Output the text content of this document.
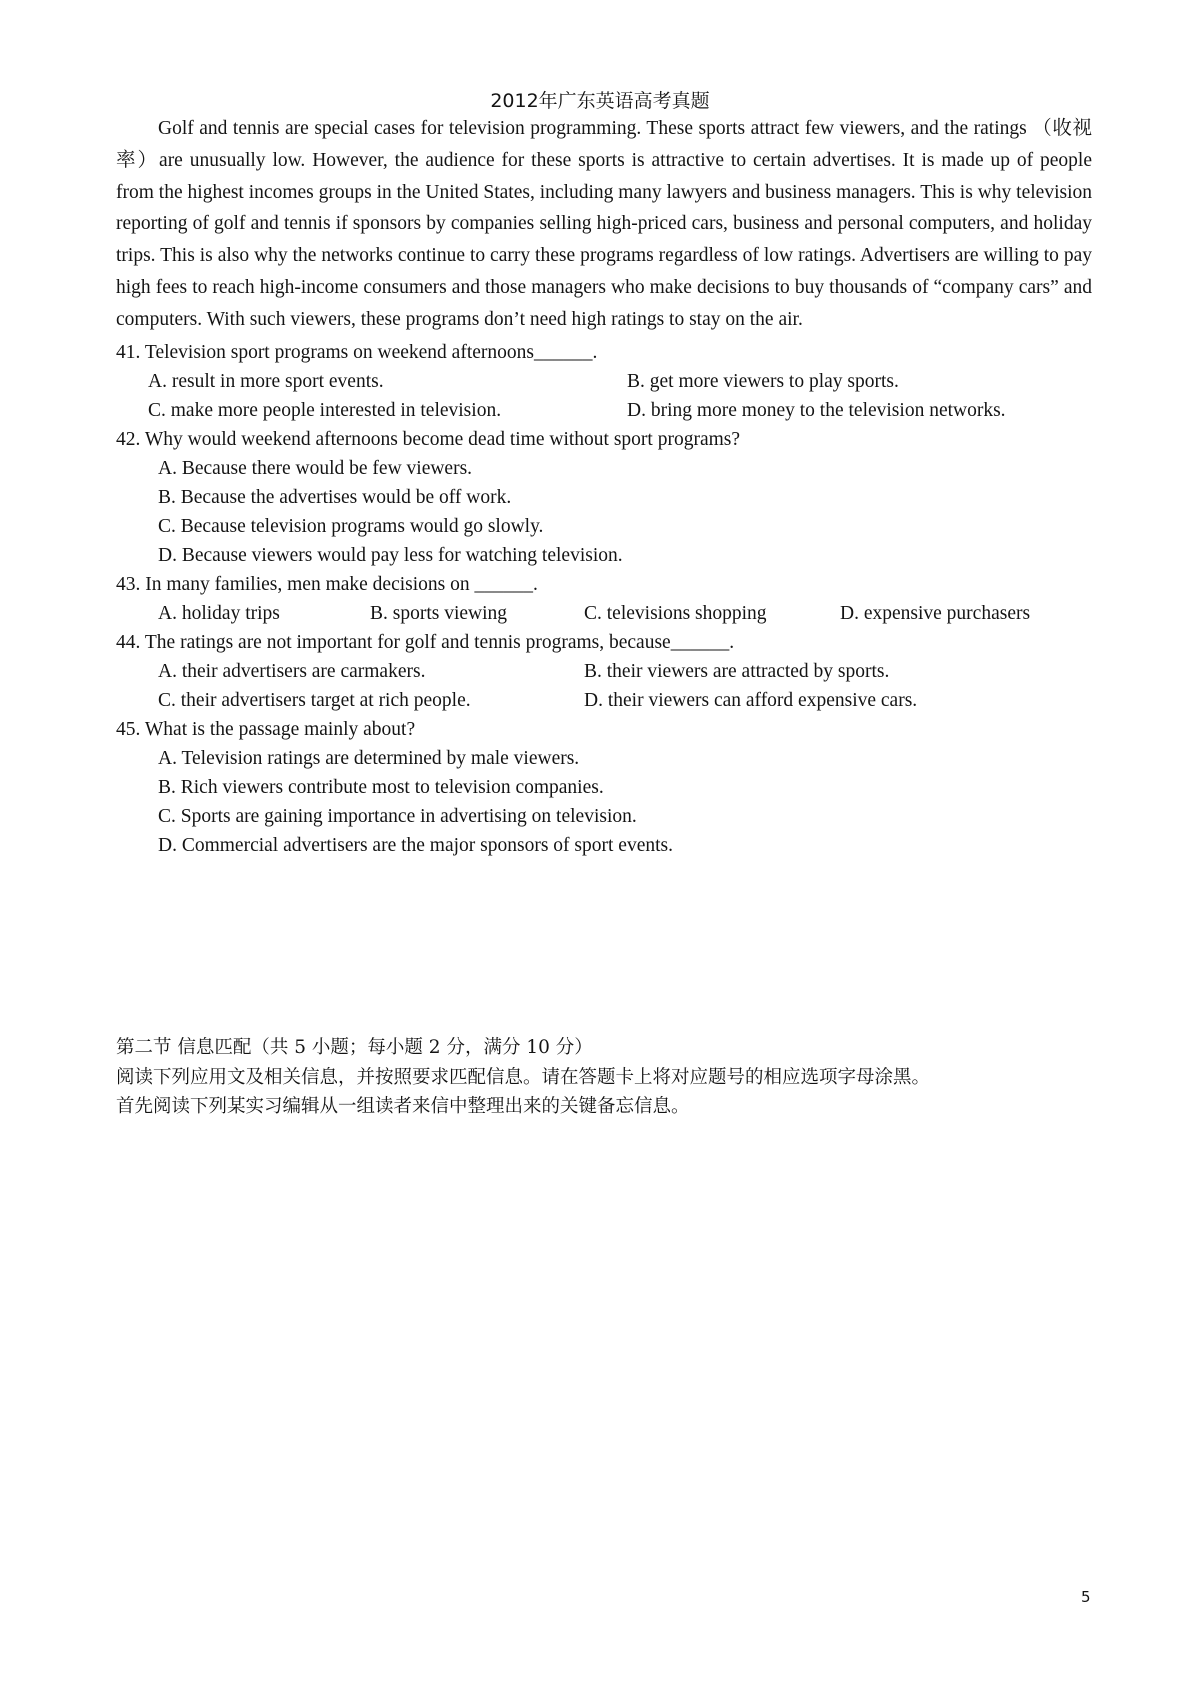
2012年广东英语高考真题

Golf and tennis are special cases for television programming. These sports attract few viewers, and the ratings （收视率）are unusually low. However, the audience for these sports is attractive to certain advertises. It is made up of people from the highest incomes groups in the United States, including many lawyers and business managers. This is why television reporting of golf and tennis if sponsors by companies selling high-priced cars, business and personal computers, and holiday trips. This is also why the networks continue to carry these programs regardless of low ratings. Advertisers are willing to pay high fees to reach high-income consumers and those managers who make decisions to buy thousands of “company cars” and computers. With such viewers, these programs don’t need high ratings to stay on the air.

41. Television sport programs on weekend afternoons______.
A. result in more sport events.	B. get more viewers to play sports.
C. make more people interested in television.	D. bring more money to the television networks.
42. Why would weekend afternoons become dead time without sport programs?
A. Because there would be few viewers.
B. Because the advertises would be off work.
C. Because television programs would go slowly.
D. Because viewers would pay less for watching television.
43. In many families, men make decisions on ______.
A. holiday trips	B. sports viewing	C. televisions shopping	D. expensive purchasers
44. The ratings are not important for golf and tennis programs, because______.
A. their advertisers are carmakers.	B. their viewers are attracted by sports.
C. their advertisers target at rich people.	D. their viewers can afford expensive cars.
45. What is the passage mainly about?
A. Television ratings are determined by male viewers.
B. Rich viewers contribute most to television companies.
C. Sports are gaining importance in advertising on television.
D. Commercial advertisers are the major sponsors of sport events.
第二节 信息匹配（共 5 小题；每小题 2 分，满分 10 分）
阅读下列应用文及相关信息，并按照要求匹配信息。请在答题卡上将对应题号的相应选项字母涂黑。
首先阅读下列某实习编辑从一组读者来信中整理出来的关键备忘信息。
5
